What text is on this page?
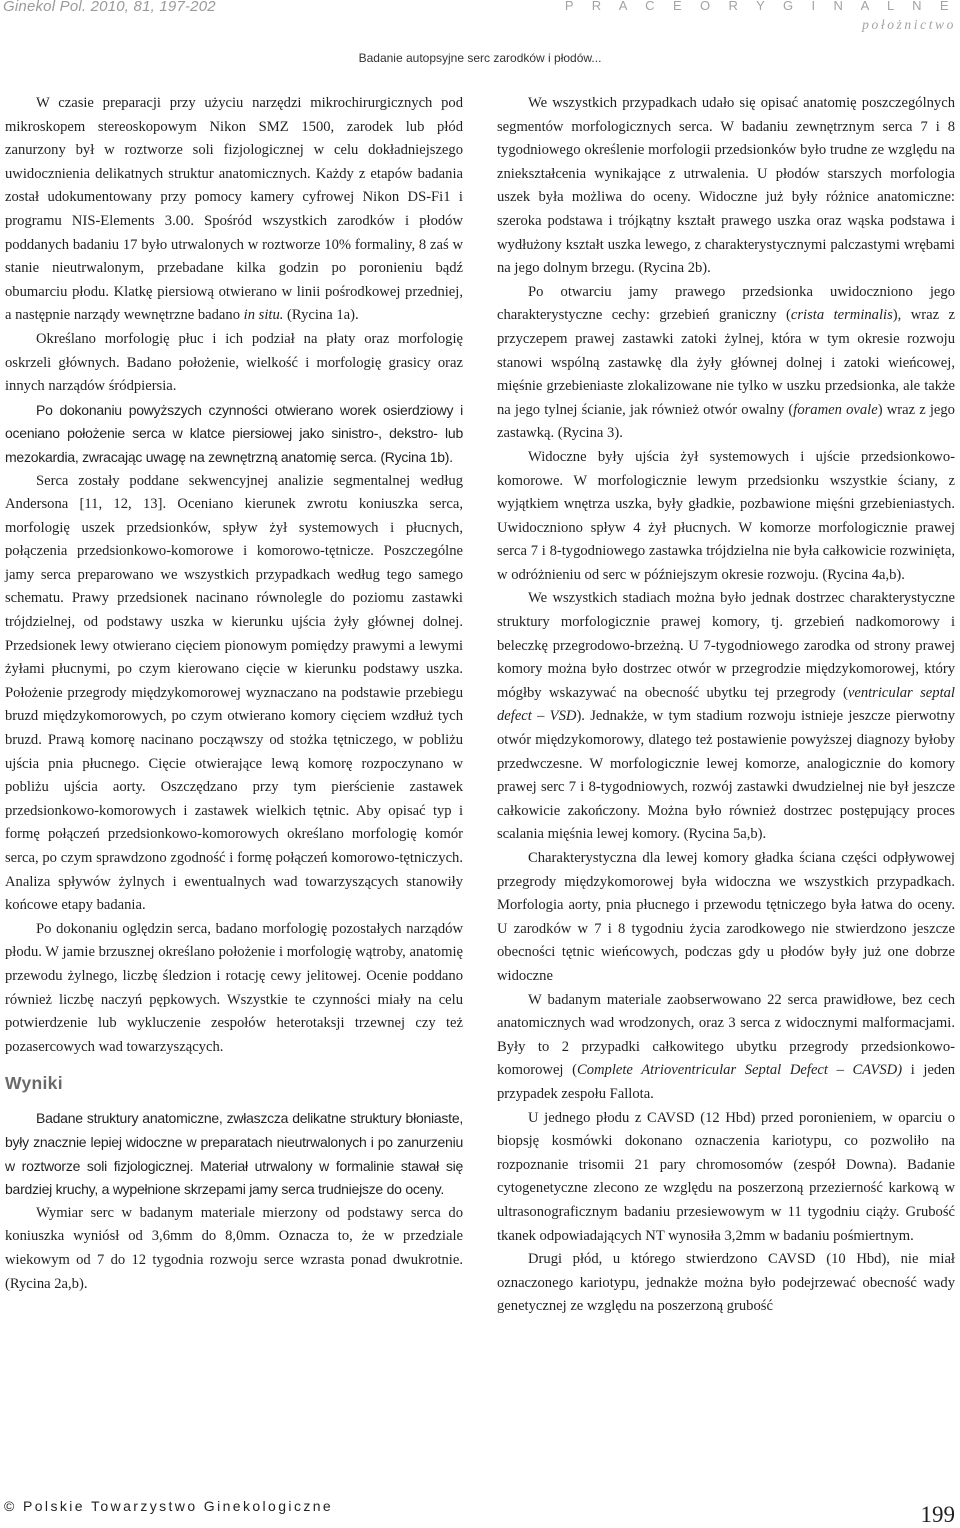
Ginekol Pol. 2010, 81, 197-202	P R A C E O R Y G I N A L N E
położnictwo
Badanie autopsyjne serc zarodków i płodów...

W czasie preparacji przy użyciu narzędzi mikrochirurgicznych pod mikroskopem stereoskopowym Nikon SMZ 1500, zarodek lub płód zanurzony był w roztworze soli fizjologicznej w celu dokładniejszego uwidocznienia delikatnych struktur anatomicznych. Każdy z etapów badania został udokumentowany przy pomocy kamery cyfrowej Nikon DS-Fi1 i programu NIS-Elements 3.00. Spośród wszystkich zarodków i płodów poddanych badaniu 17 było utrwalonych w roztworze 10% formaliny, 8 zaś w stanie nieutrwalonym, przebadane kilka godzin po poronieniu bądź obumarciu płodu. Klatkę piersiową otwierano w linii pośrodkowej przedniej, a następnie narządy wewnętrzne badano in situ. (Rycina 1a).

Określano morfologię płuc i ich podział na płaty oraz morfologię oskrzeli głównych. Badano położenie, wielkość i morfologię grasicy oraz innych narządów śródpiersia.

Po dokonaniu powyższych czynności otwierano worek osierdziowy i oceniano położenie serca w klatce piersiowej jako sinistro-, dekstro- lub mezokardia, zwracając uwagę na zewnętrzną anatomię serca. (Rycina 1b).

Serca zostały poddane sekwencyjnej analizie segmentalnej według Andersona [11, 12, 13]. Oceniano kierunek zwrotu koniuszka serca, morfologię uszek przedsionków, spływ żył systemowych i płucnych, połączenia przedsionkowo-komorowe i komorowo-tętnicze. Poszczególne jamy serca preparowano we wszystkich przypadkach według tego samego schematu. Prawy przedsionek nacinano równolegle do poziomu zastawki trójdzielnej, od podstawy uszka w kierunku ujścia żyły głównej dolnej. Przedsionek lewy otwierano cięciem pionowym pomiędzy prawymi a lewymi żyłami płucnymi, po czym kierowano cięcie w kierunku podstawy uszka. Położenie przegrody międzykomorowej wyznaczano na podstawie przebiegu bruzd międzykomorowych, po czym otwierano komory cięciem wzdłuż tych bruzd. Prawą komorę nacinano począwszy od stożka tętniczego, w pobliżu ujścia pnia płucnego. Cięcie otwierające lewą komorę rozpoczynano w pobliżu ujścia aorty. Oszczędzano przy tym pierścienie zastawek przedsionkowo-komorowych i zastawek wielkich tętnic. Aby opisać typ i formę połączeń przedsionkowo-komorowych określano morfologię komór serca, po czym sprawdzono zgodność i formę połączeń komorowo-tętniczych. Analiza spływów żylnych i ewentualnych wad towarzyszących stanowiły końcowe etapy badania.

Po dokonaniu oględzin serca, badano morfologię pozostałych narządów płodu. W jamie brzusznej określano położenie i morfologię wątroby, anatomię przewodu żylnego, liczbę śledzion i rotację cewy jelitowej. Ocenie poddano również liczbę naczyń pępkowych. Wszystkie te czynności miały na celu potwierdzenie lub wykluczenie zespołów heterotaksji trzewnej czy też pozasercowych wad towarzyszących.

Wyniki

Badane struktury anatomiczne, zwłaszcza delikatne struktury błoniaste, były znacznie lepiej widoczne w preparatach nieutrwalonych i po zanurzeniu w roztworze soli fizjologicznej. Materiał utrwalony w formalinie stawał się bardziej kruchy, a wypełnione skrzepami jamy serca trudniejsze do oceny.

Wymiar serc w badanym materiale mierzony od podstawy serca do koniuszka wyniósł od 3,6mm do 8,0mm. Oznacza to, że w przedziale wiekowym od 7 do 12 tygodnia rozwoju serce wzrasta ponad dwukrotnie. (Rycina 2a,b).

We wszystkich przypadkach udało się opisać anatomię poszczególnych segmentów morfologicznych serca. W badaniu zewnętrznym serca 7 i 8 tygodniowego określenie morfologii przedsionków było trudne ze względu na zniekształcenia wynikające z utrwalenia. U płodów starszych morfologia uszek była możliwa do oceny. Widoczne już były różnice anatomiczne: szeroka podstawa i trójkątny kształt prawego uszka oraz wąska podstawa i wydłużony kształt uszka lewego, z charakterystycznymi palczastymi wrębami na jego dolnym brzegu. (Rycina 2b).

Po otwarciu jamy prawego przedsionka uwidoczniono jego charakterystyczne cechy: grzebień graniczny (crista terminalis), wraz z przyczepem prawej zastawki zatoki żylnej, która w tym okresie rozwoju stanowi wspólną zastawkę dla żyły głównej dolnej i zatoki wieńcowej, mięśnie grzebieniaste zlokalizowane nie tylko w uszku przedsionka, ale także na jego tylnej ścianie, jak również otwór owalny (foramen ovale) wraz z jego zastawką. (Rycina 3).

Widoczne były ujścia żył systemowych i ujście przedsionkowo-komorowe. W morfologicznie lewym przedsionku wszystkie ściany, z wyjątkiem wnętrza uszka, były gładkie, pozbawione mięśni grzebieniastych. Uwidoczniono spływ 4 żył płucnych. W komorze morfologicznie prawej serca 7 i 8-tygodniowego zastawka trójdzielna nie była całkowicie rozwinięta, w odróżnieniu od serc w późniejszym okresie rozwoju. (Rycina 4a,b).

We wszystkich stadiach można było jednak dostrzec charakterystyczne struktury morfologicznie prawej komory, tj. grzebień nadkomorowy i beleczkę przegrodowo-brzeżną. U 7-tygodniowego zarodka od strony prawej komory można było dostrzec otwór w przegrodzie międzykomorowej, który mógłby wskazywać na obecność ubytku tej przegrody (ventricular septal defect – VSD). Jednakże, w tym stadium rozwoju istnieje jeszcze pierwotny otwór międzykomorowy, dlatego też postawienie powyższej diagnozy byłoby przedwczesne. W morfologicznie lewej komorze, analogicznie do komory prawej serc 7 i 8-tygodniowych, rozwój zastawki dwudzielnej nie był jeszcze całkowicie zakończony. Można było również dostrzec postępujący proces scalania mięśnia lewej komory. (Rycina 5a,b).

Charakterystyczna dla lewej komory gładka ściana części odpływowej przegrody międzykomorowej była widoczna we wszystkich przypadkach. Morfologia aorty, pnia płucnego i przewodu tętniczego była łatwa do oceny. U zarodków w 7 i 8 tygodniu życia zarodkowego nie stwierdzono jeszcze obecności tętnic wieńcowych, podczas gdy u płodów były już one dobrze widoczne

W badanym materiale zaobserwowano 22 serca prawidłowe, bez cech anatomicznych wad wrodzonych, oraz 3 serca z widocznymi malformacjami. Były to 2 przypadki całkowitego ubytku przegrody przedsionkowo-komorowej (Complete Atrioventricular Septal Defect – CAVSD) i jeden przypadek zespołu Fallota.

U jednego płodu z CAVSD (12 Hbd) przed poronieniem, w oparciu o biopsję kosmówki dokonano oznaczenia kariotypu, co pozwoliło na rozpoznanie trisomii 21 pary chromosomów (zespół Downa). Badanie cytogenetyczne zlecono ze względu na poszerzoną przezierność karkową w ultrasonograficznym badaniu przesiewowym w 11 tygodniu ciąży. Grubość tkanek odpowiadających NT wynosiła 3,2mm w badaniu pośmiertnym.

Drugi płód, u którego stwierdzono CAVSD (10 Hbd), nie miał oznaczonego kariotypu, jednakże można było podejrzewać obecność wady genetycznej ze względu na poszerzoną grubość

© Polskie Towarzystwo Ginekologiczne	199
